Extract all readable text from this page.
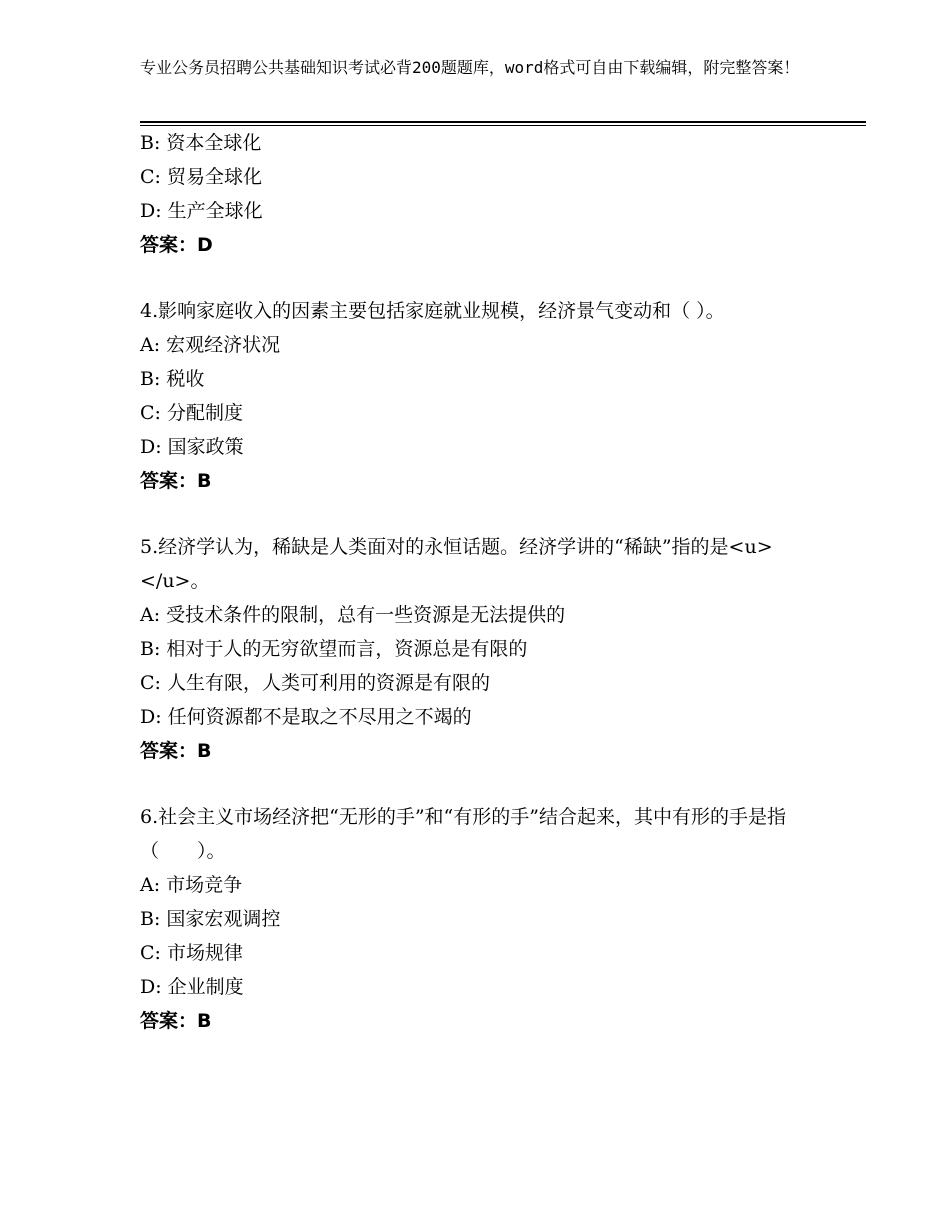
专业公务员招聘公共基础知识考试必背200题题库，word格式可自由下载编辑，附完整答案！
B: 资本全球化
C: 贸易全球化
D: 生产全球化
答案：D
4.影响家庭收入的因素主要包括家庭就业规模，经济景气变动和（ ）。
A: 宏观经济状况
B: 税收
C: 分配制度
D: 国家政策
答案：B
5.经济学认为，稀缺是人类面对的永恒话题。经济学讲的“稀缺”指的是<u> </u>。
A: 受技术条件的限制，总有一些资源是无法提供的
B: 相对于人的无穷欲望而言，资源总是有限的
C: 人生有限，人类可利用的资源是有限的
D: 任何资源都不是取之不尽用之不竭的
答案：B
6.社会主义市场经济把“无形的手”和“有形的手”结合起来，其中有形的手是指（　　）。
A: 市场竞争
B: 国家宏观调控
C: 市场规律
D: 企业制度
答案：B
